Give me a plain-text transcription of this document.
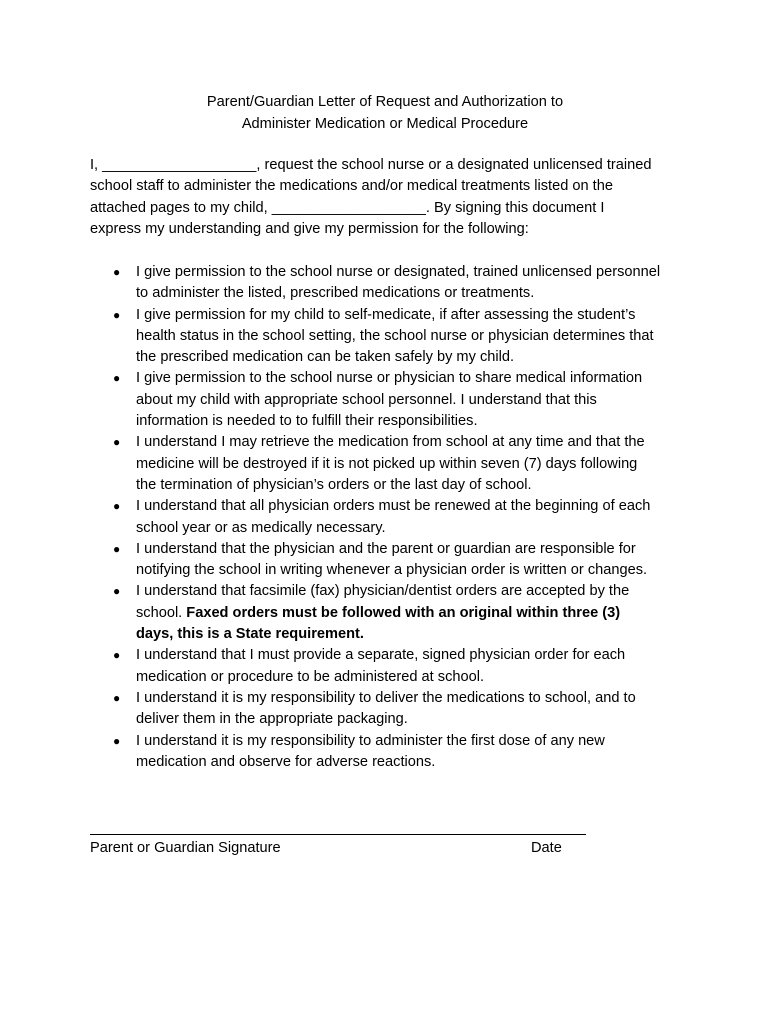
Parent/Guardian Letter of Request and Authorization to
Administer Medication or Medical Procedure
I, ___________________, request the school nurse or a designated unlicensed trained
school staff to administer the medications and/or medical treatments listed on the
attached pages to my child, ___________________. By signing this document I
express my understanding and give my permission for the following:
● I give permission to the school nurse or designated, trained unlicensed personnel
to administer the listed, prescribed medications or treatments.
● I give permission for my child to self-medicate, if after assessing the student’s
health status in the school setting, the school nurse or physician determines that
the prescribed medication can be taken safely by my child.
● I give permission to the school nurse or physician to share medical information
about my child with appropriate school personnel. I understand that this
information is needed to to fulfill their responsibilities.
● I understand I may retrieve the medication from school at any time and that the
medicine will be destroyed if it is not picked up within seven (7) days following
the termination of physician’s orders or the last day of school.
● I understand that all physician orders must be renewed at the beginning of each
school year or as medically necessary.
● I understand that the physician and the parent or guardian are responsible for
notifying the school in writing whenever a physician order is written or changes.
● I understand that facsimile (fax) physician/dentist orders are accepted by the
school. Faxed orders must be followed with an original within three (3)
days, this is a State requirement.
● I understand that I must provide a separate, signed physician order for each
medication or procedure to be administered at school.
● I understand it is my responsibility to deliver the medications to school, and to
deliver them in the appropriate packaging.
● I understand it is my responsibility to administer the first dose of any new
medication and observe for adverse reactions.
Parent or Guardian Signature	Date
